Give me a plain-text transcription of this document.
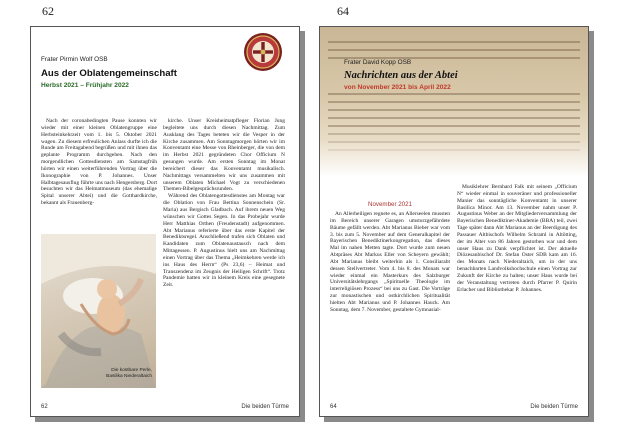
62	64
Frater Pirmin Wolf OSB
Aus der Oblatengemeinschaft
Herbst 2021 – Frühjahr 2022

Nach der coronabedingten Pause konnten wir wieder mit einer kleinen Oblatengruppe eine Herbsteinkehrzeit vom 1. bis 5. Oktober 2021 wagen. Zu diesem erfreulichen Anlass durfte ich die Runde am Freitagabend begrüßen und mit ihnen das geplante Programm durchgehen. Nach den morgendlichen Gottesdiensten am Samstagfrüh hörten wir einen weiterführenden Vortrag über die Ikonographie von P. Johannes. Unser Halbtagesausflug führte uns nach Hengersberg. Dort besuchten wir das Heimatmuseum (das ehemalige Spital unserer Abtei) und die Gotthardkirche, bekannt als Frauenberg-

kirche. Unser Kreisheimatpfleger Florian Jung begleitete uns durch diesen Nachmittag. Zum Ausklang des Tages beteten wir die Vesper in der Kirche zusammen. Am Sonntagmorgen hörten wir im Konventamt eine Messe von Rheinberger, die von dem im Herbst 2021 gegründeten Chor Officium N gesungen wurde. Am ersten Sonntag im Monat bereichert dieser das Konventamt musikalisch. Nachmittags versammelten wir uns zusammen mit unserem Oblaten Michael Vogt zu verschiedenen Themen-Bibelgesprächsrunden.

Während des Oblatengottesdienstes am Montag war die Oblation von Frau Bettina Sonnenschein (Sr. Maria) aus Bergisch Gladbach. Auf ihrem neuen Weg wünschen wir Gottes Segen. In das Probejahr wurde Herr Matthias Orthen (Freudenstadt) aufgenommen. Abt Marianus referierte über das erste Kapitel der Benediktsregel. Anschließend trafen sich Oblaten und Kandidaten zum Oblatenaustausch nach dem Mittagessen. P. Augustinus hielt uns am Nachmittag einen Vortrag über das Thema „Heimkehren werde ich ins Haus des Herrn“ (Ps 23,6) – Heimat und Transzendenz im Zeugnis der Heiligen Schrift“. Trotz Pandemie hatten wir in kleinem Kreis eine gesegnete Zeit.

Die kostbare Perle,
Basilika Niederaltaich
62	Die beiden Türme
Frater David Kopp OSB
Nachrichten aus der Abtei
von November 2021 bis April 2022
November 2021

An Allerheiligen regnete es, an Allerseelen mussten im Bereich unserer Garagen umsturzgefährdete Bäume gefällt werden. Abt Marianus Bieber war vom 3. bis zum 5. November auf dem Generalkapitel der Bayerischen Benediktinerkongregation, das dieses Mal im nahen Metten tagte. Dort wurde zum neuen Abtpräses Abt Markus Eller von Scheyern gewählt; Abt Marianus bleibt weiterhin als 1. Consiliarabt dessen Stellvertreter. Vom 4. bis 8. des Monats war wieder einmal ein Masterkurs des Salzburger Universitätslehrgangs „Spirituelle Theologie im interreligiösen Prozess“ bei uns zu Gast. Die Vorträge zur monastischen und ostkirchlichen Spiritualität hielten Abt Marianus und P. Johannes Hauck. Am Sonntag, dem 7. November, gestaltete Gymnasial-

Musiklehrer Bernhard Falk mit seinem „Officium N“ wieder einmal in souveräner und professioneller Manier das sonntägliche Konventamt in unserer Basilica Minor. Am 13. November nahm unser P. Augustinus Weber an der Mitgliederversammlung der Bayerischen Benediktiner-Akademie (BBA) teil, zwei Tage später dann Abt Marianus an der Beerdigung des Passauer Altbischofs Wilhelm Schraml in Altötting, der im Alter von 86 Jahren gestorben war und dem unser Haus zu Dank verpflichtet ist. Der aktuelle Diözesanbischof Dr. Stefan Oster SDB kam am 16. des Monats nach Niederaltaich, um in der uns benachbarten Landvolkshochschule einen Vortrag zur Zukunft der Kirche zu halten; unser Haus wurde bei der Veranstaltung vertreten durch Pfarrer P. Quirin Erlacher und Bibliothekar P. Johannes.

64	Die beiden Türme
